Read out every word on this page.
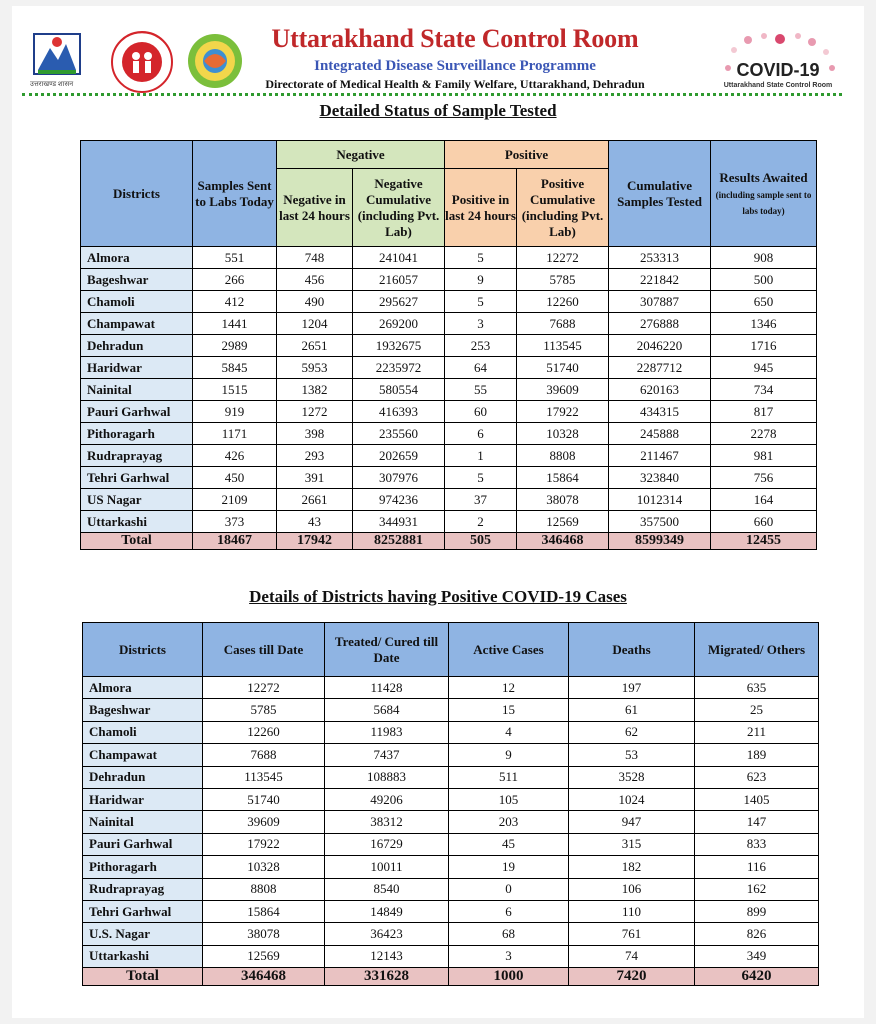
उत्तराखण्ड शासन
Uttarakhand State Control Room
Integrated Disease Surveillance Programme
Directorate of Medical Health & Family Welfare, Uttarakhand, Dehradun
COVID-19
Uttarakhand State Control Room
Detailed Status of Sample Tested
Districts	Samples Sent to Labs Today	Negative		Positive		Cumulative Samples Tested	Results Awaited
(including sample sent to labs today)
		Negative in last 24 hours	Negative Cumulative (including Pvt. Lab)	Positive in last 24 hours	Positive Cumulative (including Pvt. Lab)		
Almora	551	748	241041	5	12272	253313	908
Bageshwar	266	456	216057	9	5785	221842	500
Chamoli	412	490	295627	5	12260	307887	650
Champawat	1441	1204	269200	3	7688	276888	1346
Dehradun	2989	2651	1932675	253	113545	2046220	1716
Haridwar	5845	5953	2235972	64	51740	2287712	945
Nainital	1515	1382	580554	55	39609	620163	734
Pauri Garhwal	919	1272	416393	60	17922	434315	817
Pithoragarh	1171	398	235560	6	10328	245888	2278
Rudraprayag	426	293	202659	1	8808	211467	981
Tehri Garhwal	450	391	307976	5	15864	323840	756
US Nagar	2109	2661	974236	37	38078	1012314	164
Uttarkashi	373	43	344931	2	12569	357500	660
Total	18467	17942	8252881	505	346468	8599349	12455
Details of Districts having Positive COVID-19 Cases
Districts	Cases till Date	Treated/ Cured till Date	Active Cases	Deaths	Migrated/ Others
Almora	12272	11428	12	197	635
Bageshwar	5785	5684	15	61	25
Chamoli	12260	11983	4	62	211
Champawat	7688	7437	9	53	189
Dehradun	113545	108883	511	3528	623
Haridwar	51740	49206	105	1024	1405
Nainital	39609	38312	203	947	147
Pauri Garhwal	17922	16729	45	315	833
Pithoragarh	10328	10011	19	182	116
Rudraprayag	8808	8540	0	106	162
Tehri Garhwal	15864	14849	6	110	899
U.S. Nagar	38078	36423	68	761	826
Uttarkashi	12569	12143	3	74	349
Total	346468	331628	1000	7420	6420
